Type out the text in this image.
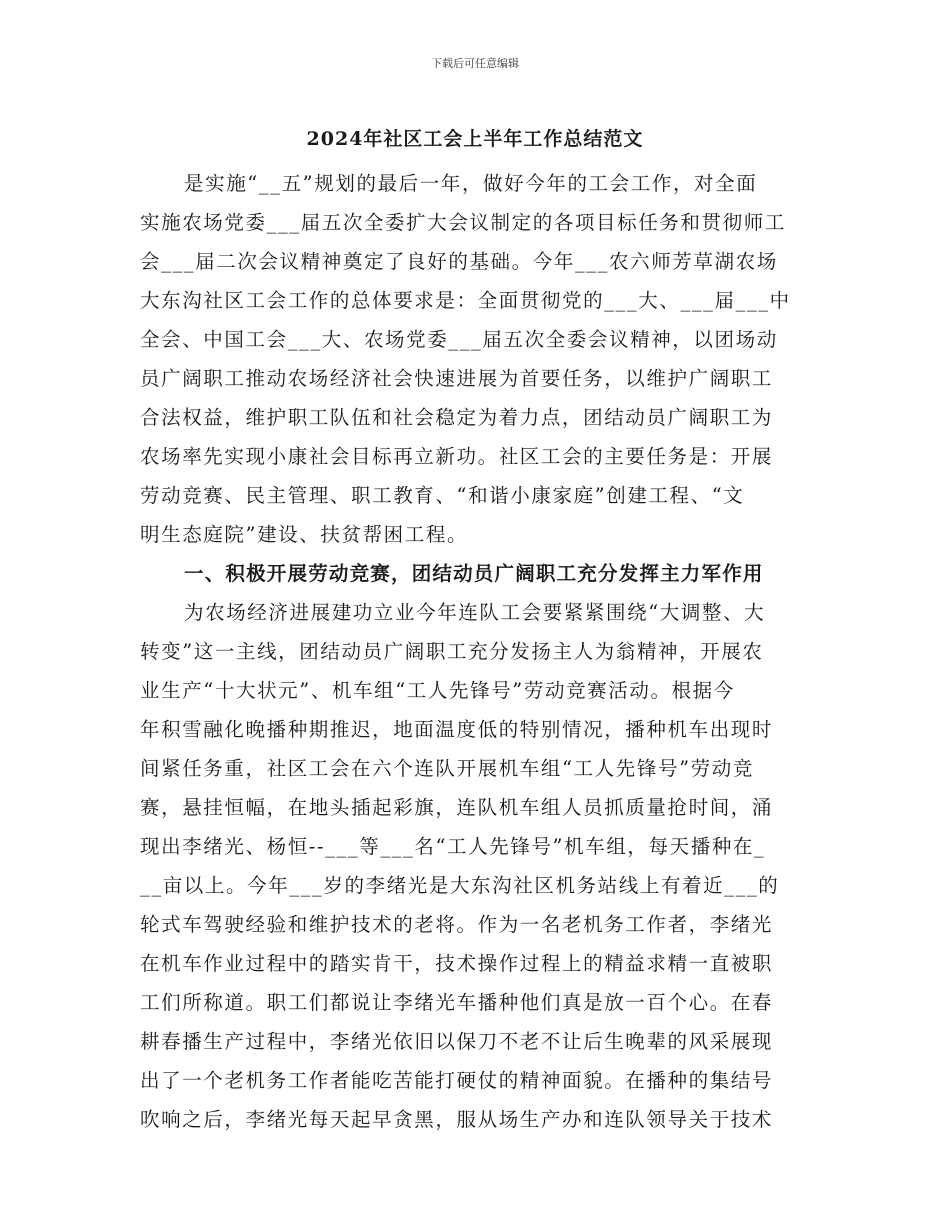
下载后可任意编辑
2024年社区工会上半年工作总结范文
是实施“__五”规划的最后一年，做好今年的工会工作，对全面
实施农场党委___届五次全委扩大会议制定的各项目标任务和贯彻师工
会___届二次会议精神奠定了良好的基础。今年___农六师芳草湖农场
大东沟社区工会工作的总体要求是：全面贯彻党的___大、___届___中
全会、中国工会___大、农场党委___届五次全委会议精神，以团场动
员广阔职工推动农场经济社会快速进展为首要任务，以维护广阔职工
合法权益，维护职工队伍和社会稳定为着力点，团结动员广阔职工为
农场率先实现小康社会目标再立新功。社区工会的主要任务是：开展
劳动竞赛、民主管理、职工教育、“和谐小康家庭”创建工程、“文
明生态庭院”建设、扶贫帮困工程。
一、积极开展劳动竞赛，团结动员广阔职工充分发挥主力军作用
为农场经济进展建功立业今年连队工会要紧紧围绕“大调整、大
转变”这一主线，团结动员广阔职工充分发扬主人为翁精神，开展农
业生产“十大状元”、机车组“工人先锋号”劳动竞赛活动。根据今
年积雪融化晚播种期推迟，地面温度低的特别情况，播种机车出现时
间紧任务重，社区工会在六个连队开展机车组“工人先锋号”劳动竞
赛，悬挂恒幅，在地头插起彩旗，连队机车组人员抓质量抢时间，涌
现出李绪光、杨恒--___等___名“工人先锋号”机车组，每天播种在_
__亩以上。今年___岁的李绪光是大东沟社区机务站线上有着近___的
轮式车驾驶经验和维护技术的老将。作为一名老机务工作者，李绪光
在机车作业过程中的踏实肯干，技术操作过程上的精益求精一直被职
工们所称道。职工们都说让李绪光车播种他们真是放一百个心。在春
耕春播生产过程中，李绪光依旧以保刀不老不让后生晚辈的风采展现
出了一个老机务工作者能吃苦能打硬仗的精神面貌。在播种的集结号
吹响之后，李绪光每天起早贪黑，服从场生产办和连队领导关于技术
